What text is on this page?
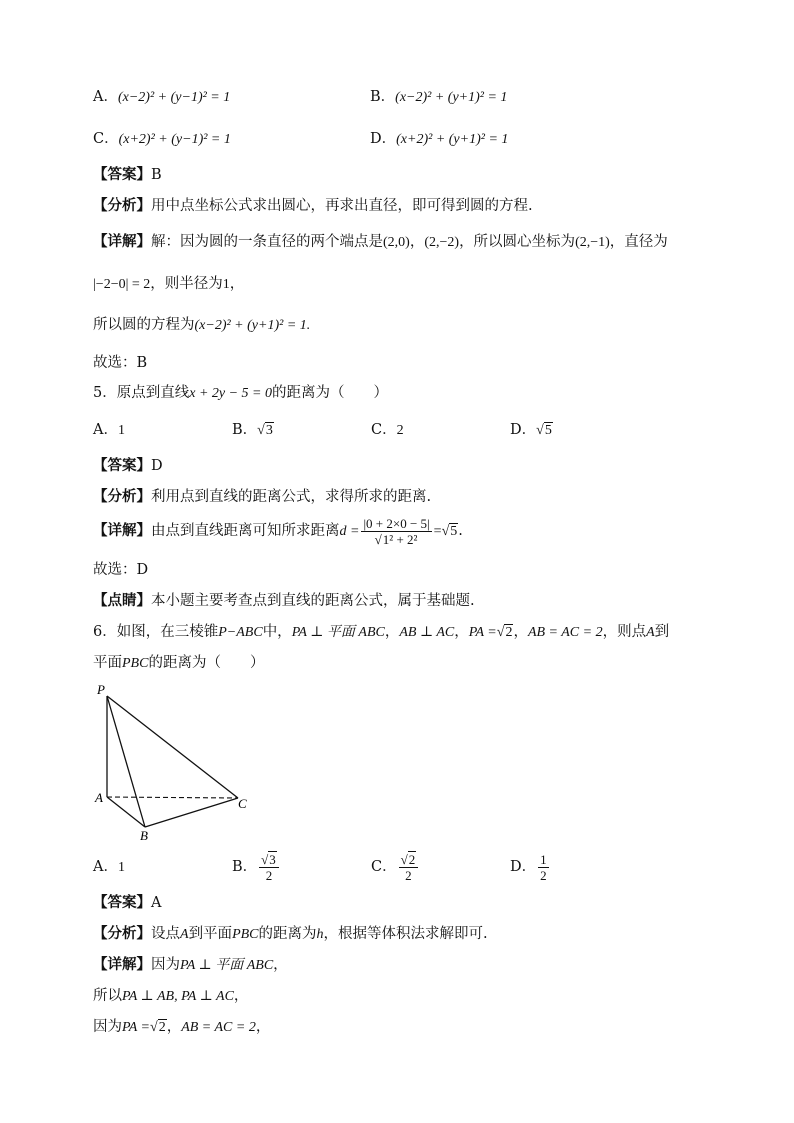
A．(x−2)² + (y−1)² = 1	B．(x−2)² + (y+1)² = 1
C．(x+2)² + (y−1)² = 1	D．(x+2)² + (y+1)² = 1
【答案】B
【分析】用中点坐标公式求出圆心，再求出直径，即可得到圆的方程.
【详解】解：因为圆的一条直径的两个端点是(2,0)，(2,−2)，所以圆心坐标为(2,−1)，直径为
|−2−0| = 2，则半径为1，
所以圆的方程为(x−2)² + (y+1)² = 1.
故选：B
5．原点到直线x + 2y − 5 = 0的距离为（　　）
A．1	B．√3	C．2	D．√5
【答案】D
【分析】利用点到直线的距离公式，求得所求的距离.
【详解】由点到直线距离可知所求距离$d = \frac{|0 + 2\times 0 - 5|}{\text{√1² + 2²}} =√5$.
故选：D
【点睛】本小题主要考查点到直线的距离公式，属于基础题.
6．如图，在三棱锥P−ABC中，PA ⊥ 平面 ABC，AB ⊥ AC，PA =√2，AB = AC = 2，则点A到
平面PBC的距离为（　　）
P
A
B
C
A．1	B． $\frac{√3}{2}$	C． $\frac{√2}{2}$	D． $\frac{1}{2}$
【答案】A
【分析】设点A到平面PBC的距离为h，根据等体积法求解即可.
【详解】因为PA ⊥ 平面 ABC，
所以PA ⊥ AB, PA ⊥ AC，
因为PA =√2，AB = AC = 2，
